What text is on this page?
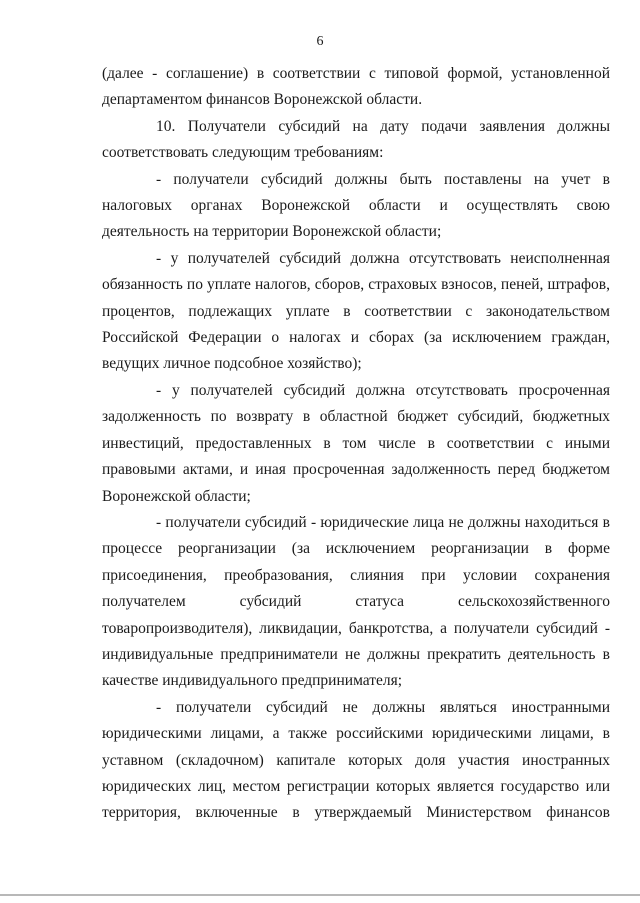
6

(далее - соглашение) в соответствии с типовой формой, установленной департаментом финансов Воронежской области.

10. Получатели субсидий на дату подачи заявления должны соответствовать следующим требованиям:

- получатели субсидий должны быть поставлены на учет в налоговых органах Воронежской области и осуществлять свою деятельность на территории Воронежской области;

- у получателей субсидий должна отсутствовать неисполненная обязанность по уплате налогов, сборов, страховых взносов, пеней, штрафов, процентов, подлежащих уплате в соответствии с законодательством Российской Федерации о налогах и сборах (за исключением граждан, ведущих личное подсобное хозяйство);

- у получателей субсидий должна отсутствовать просроченная задолженность по возврату в областной бюджет субсидий, бюджетных инвестиций, предоставленных в том числе в соответствии с иными правовыми актами, и иная просроченная задолженность перед бюджетом Воронежской области;

- получатели субсидий - юридические лица не должны находиться в процессе реорганизации (за исключением реорганизации в форме присоединения, преобразования, слияния при условии сохранения получателем субсидий статуса сельскохозяйственного товаропроизводителя), ликвидации, банкротства, а получатели субсидий - индивидуальные предприниматели не должны прекратить деятельность в качестве индивидуального предпринимателя;

- получатели субсидий не должны являться иностранными юридическими лицами, а также российскими юридическими лицами, в уставном (складочном) капитале которых доля участия иностранных юридических лиц, местом регистрации которых является государство или территория, включенные в утверждаемый Министерством финансов
